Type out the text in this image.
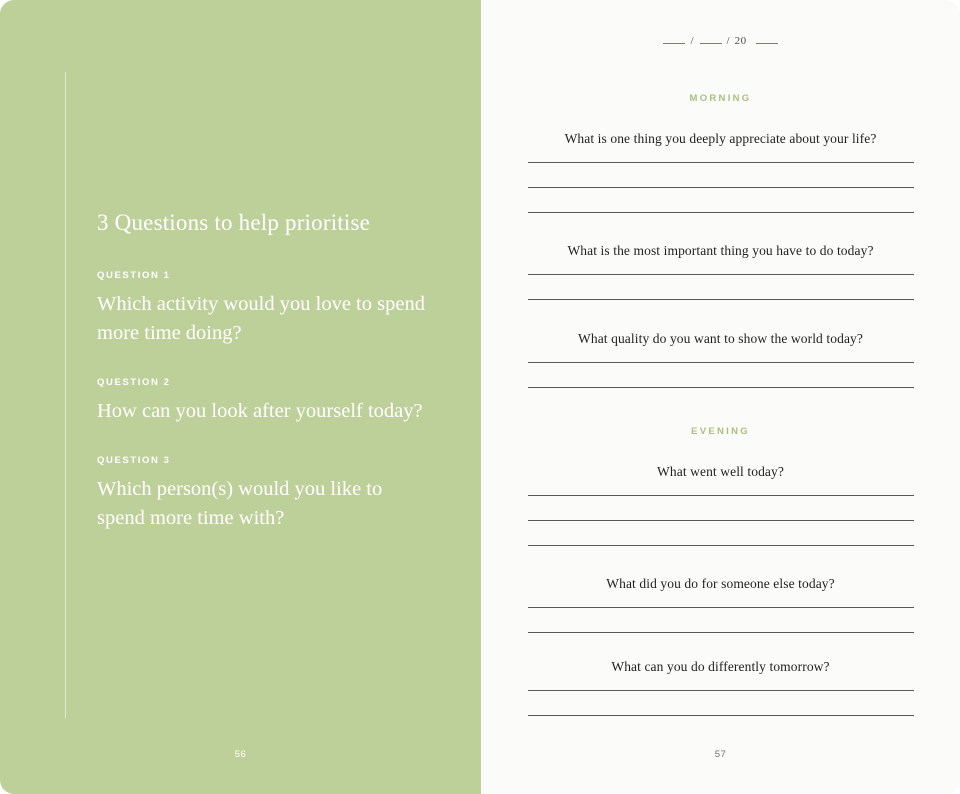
3 Questions to help prioritise

QUESTION 1

Which activity would you love to spend more time doing?

QUESTION 2

How can you look after yourself today?

QUESTION 3

Which person(s) would you like to spend more time with?

56
/	/ 20
MORNING
What is one thing you deeply appreciate about your life?
What is the most important thing you have to do today?
What quality do you want to show the world today?
EVENING
What went well today?
What did you do for someone else today?
What can you do differently tomorrow?
57
